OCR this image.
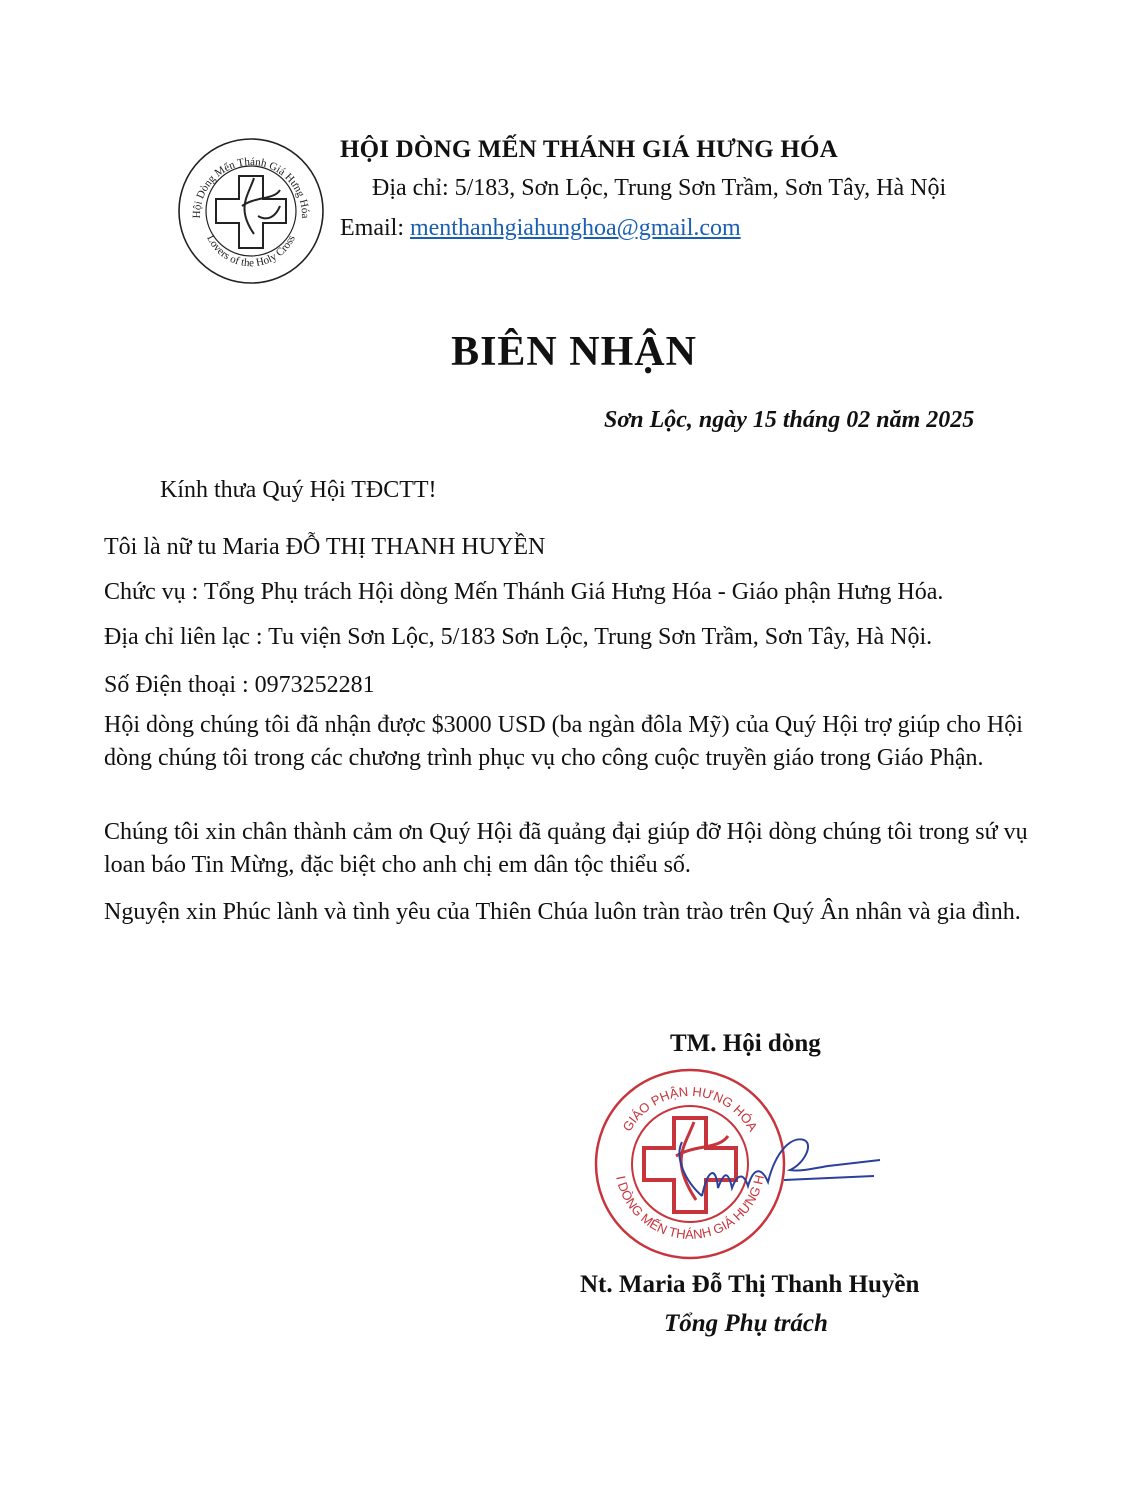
Hội Dòng Mến Thánh Giá Hưng Hóa
Lovers of the Holy Cross
HỘI DÒNG MẾN THÁNH GIÁ HƯNG HÓA
Địa chỉ: 5/183, Sơn Lộc, Trung Sơn Trầm, Sơn Tây, Hà Nội
Email: menthanhgiahunghoa@gmail.com
BIÊN NHẬN
Sơn Lộc, ngày 15 tháng 02 năm 2025
Kính thưa Quý Hội TĐCTT!
Tôi là nữ tu Maria ĐỖ THỊ THANH HUYỀN
Chức vụ : Tổng Phụ trách Hội dòng Mến Thánh Giá Hưng Hóa - Giáo phận Hưng Hóa.
Địa chỉ liên lạc : Tu viện Sơn Lộc, 5/183 Sơn Lộc, Trung Sơn Trầm, Sơn Tây, Hà Nội.
Số Điện thoại : 0973252281
Hội dòng chúng tôi đã nhận được $3000 USD (ba ngàn đôla Mỹ) của Quý Hội trợ giúp cho Hội dòng chúng tôi trong các chương trình phục vụ cho công cuộc truyền giáo trong Giáo Phận.
Chúng tôi xin chân thành cảm ơn Quý Hội đã quảng đại giúp đỡ Hội dòng chúng tôi trong sứ vụ loan báo Tin Mừng, đặc biệt cho anh chị em dân tộc thiểu số.
Nguyện xin Phúc lành và tình yêu của Thiên Chúa luôn tràn trào trên Quý Ân nhân và gia đình.
TM. Hội dòng
GIÁO PHẬN HƯNG HÓA
I DÒNG MẾN THÁNH GIÁ HƯNG H
Nt. Maria Đỗ Thị Thanh Huyền
Tổng Phụ trách
